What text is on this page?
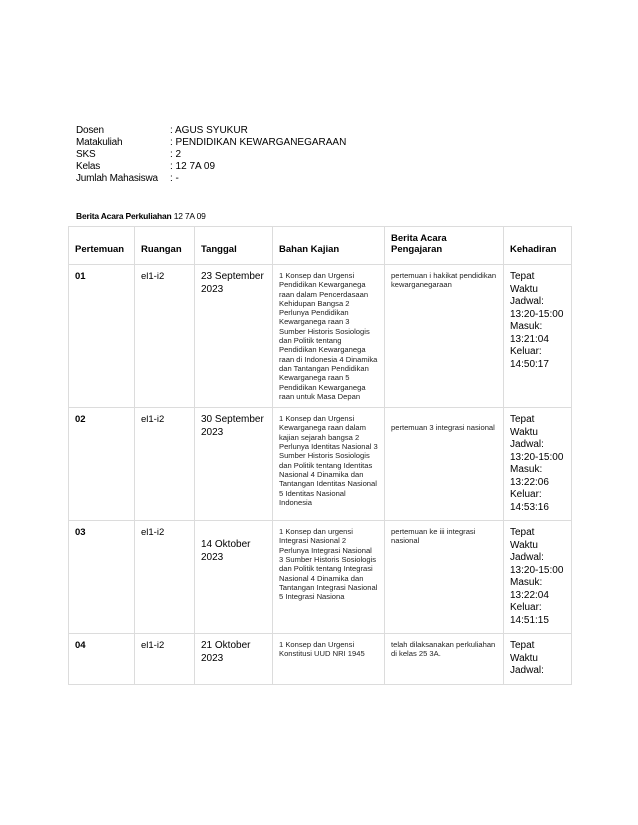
Dosen	: AGUS SYUKUR
Matakuliah	: PENDIDIKAN KEWARGANEGARAAN
SKS	: 2
Kelas	: 12 7A 09
Jumlah Mahasiswa	: -
Berita Acara Perkuliahan 12 7A 09
Pertemuan	Ruangan	Tanggal	Bahan Kajian	Berita Acara Pengajaran	Kehadiran
01	el1-i2	23 September 2023	1 Konsep dan Urgensi Pendidikan Kewarganega raan dalam Pencerdasaan Kehidupan Bangsa 2 Perlunya Pendidikan Kewarganega raan 3 Sumber Historis Sosiologis dan Politik tentang Pendidikan Kewarganega raan di Indonesia 4 Dinamika dan Tantangan Pendidikan Kewarganega raan 5 Pendidikan Kewarganega raan untuk Masa Depan	pertemuan i hakikat pendidikan kewarganegaraan	Tepat Waktu Jadwal: 13:20-15:00 Masuk: 13:21:04 Keluar: 14:50:17
02	el1-i2	30 September 2023	1 Konsep dan Urgensi Kewarganega raan dalam kajian sejarah bangsa 2 Perlunya Identitas Nasional 3 Sumber Historis Sosiologis dan Politik tentang Identitas Nasional 4 Dinamika dan Tantangan Identitas Nasional 5 Identitas Nasional Indonesia	pertemuan 3 integrasi nasional	Tepat Waktu Jadwal: 13:20-15:00 Masuk: 13:22:06 Keluar: 14:53:16
03	el1-i2	14 Oktober 2023	1 Konsep dan urgensi Integrasi Nasional 2 Perlunya Integrasi Nasional 3 Sumber Historis Sosiologis dan Politik tentang Integrasi Nasional 4 Dinamika dan Tantangan Integrasi Nasional 5 Integrasi Nasiona	pertemuan ke iii integrasi nasional	Tepat Waktu Jadwal: 13:20-15:00 Masuk: 13:22:04 Keluar: 14:51:15
04	el1-i2	21 Oktober 2023	1 Konsep dan Urgensi Konstitusi UUD NRI 1945	telah dilaksanakan perkuliahan di kelas 25 3A.	Tepat Waktu Jadwal:
